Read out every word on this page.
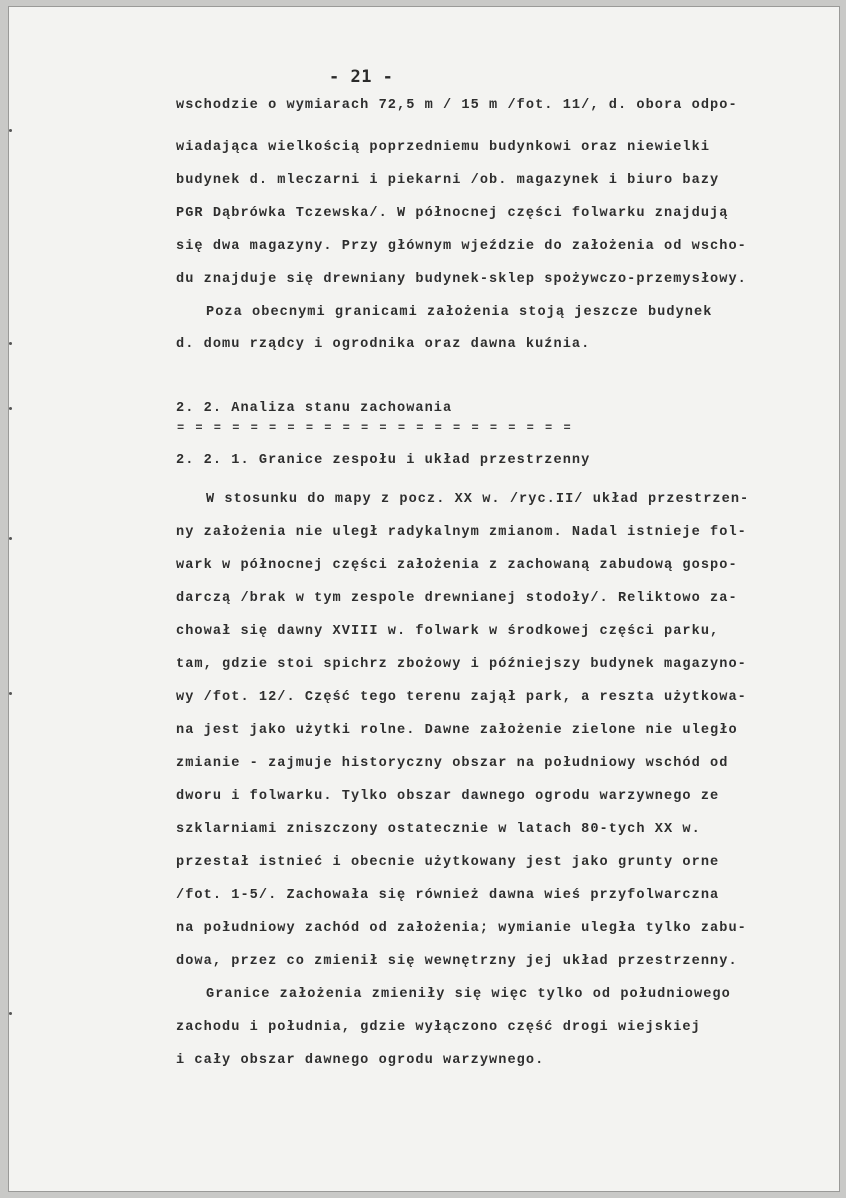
- 21 -
wschodzie o wymiarach 72,5 m / 15 m /fot. 11/, d. obora odpo-
wiadająca wielkością poprzedniemu budynkowi oraz niewielki
budynek d. mleczarni i piekarni /ob. magazynek i biuro bazy
PGR Dąbrówka Tczewska/. W północnej części folwarku znajdują
się dwa magazyny. Przy głównym wjeździe do założenia od wscho-
du znajduje się drewniany budynek-sklep spożywczo-przemysłowy.
Poza obecnymi granicami założenia stoją jeszcze budynek
d. domu rządcy i ogrodnika oraz dawna kuźnia.
2. 2. Analiza stanu zachowania
= = = = = = = = = = = = = = = = = = = = = =
2. 2. 1. Granice zespołu i układ przestrzenny
W stosunku do mapy z pocz. XX w. /ryc.II/ układ przestrzen-
ny założenia nie uległ radykalnym zmianom. Nadal istnieje fol-
wark w północnej części założenia z zachowaną zabudową gospo-
darczą /brak w tym zespole drewnianej stodoły/. Reliktowo za-
chował się dawny XVIII w. folwark w środkowej części parku,
tam, gdzie stoi spichrz zbożowy i późniejszy budynek magazyno-
wy /fot. 12/. Część tego terenu zajął park, a reszta użytkowa-
na jest jako użytki rolne. Dawne założenie zielone nie uległo
zmianie - zajmuje historyczny obszar na południowy wschód od
dworu i folwarku. Tylko obszar dawnego ogrodu warzywnego ze
szklarniami zniszczony ostatecznie w latach 80-tych XX w.
przestał istnieć i obecnie użytkowany jest jako grunty orne
/fot. 1-5/. Zachowała się również dawna wieś przyfolwarczna
na południowy zachód od założenia; wymianie uległa tylko zabu-
dowa, przez co zmienił się wewnętrzny jej układ przestrzenny.
Granice założenia zmieniły się więc tylko od południowego
zachodu i południa, gdzie wyłączono część drogi wiejskiej
i cały obszar dawnego ogrodu warzywnego.
